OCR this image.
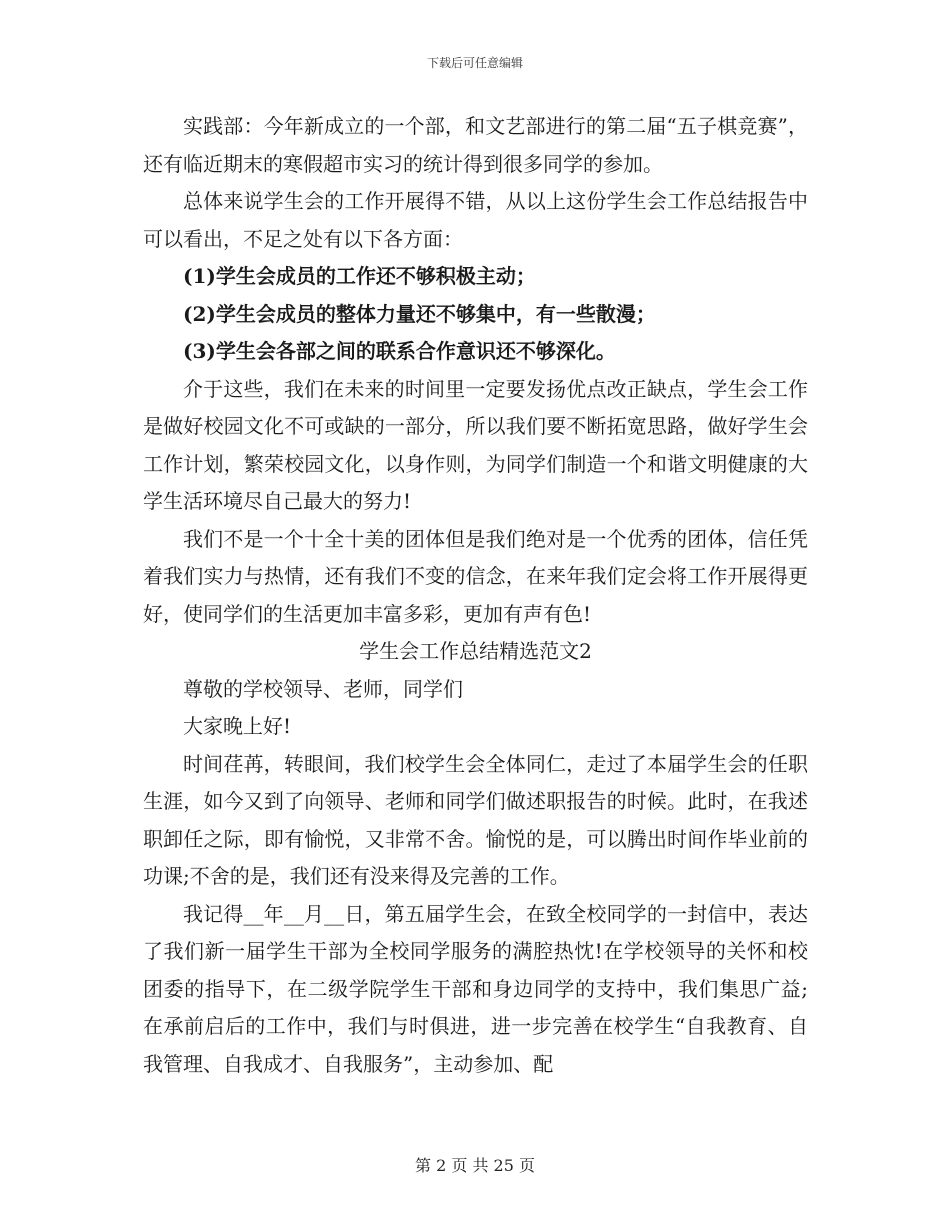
下载后可任意编辑

实践部：今年新成立的一个部，和文艺部进行的第二届“五子棋竞赛”，还有临近期末的寒假超市实习的统计得到很多同学的参加。

总体来说学生会的工作开展得不错，从以上这份学生会工作总结报告中可以看出，不足之处有以下各方面：

(1)学生会成员的工作还不够积极主动；

(2)学生会成员的整体力量还不够集中，有一些散漫；

(3)学生会各部之间的联系合作意识还不够深化。

介于这些，我们在未来的时间里一定要发扬优点改正缺点，学生会工作是做好校园文化不可或缺的一部分，所以我们要不断拓宽思路，做好学生会工作计划，繁荣校园文化，以身作则，为同学们制造一个和谐文明健康的大学生活环境尽自己最大的努力!

我们不是一个十全十美的团体但是我们绝对是一个优秀的团体，信任凭着我们实力与热情，还有我们不变的信念，在来年我们定会将工作开展得更好，使同学们的生活更加丰富多彩，更加有声有色!

学生会工作总结精选范文2

尊敬的学校领导、老师，同学们

大家晚上好!

时间荏苒，转眼间，我们校学生会全体同仁，走过了本届学生会的任职生涯，如今又到了向领导、老师和同学们做述职报告的时候。此时，在我述职卸任之际，即有愉悦，又非常不舍。愉悦的是，可以腾出时间作毕业前的功课;不舍的是，我们还有没来得及完善的工作。

我记得__年__月__日，第五届学生会，在致全校同学的一封信中，表达了我们新一届学生干部为全校同学服务的满腔热忱!在学校领导的关怀和校团委的指导下，在二级学院学生干部和身边同学的支持中，我们集思广益;在承前启后的工作中，我们与时俱进，进一步完善在校学生“自我教育、自我管理、自我成才、自我服务”，主动参加、配

第 2 页 共 25 页
